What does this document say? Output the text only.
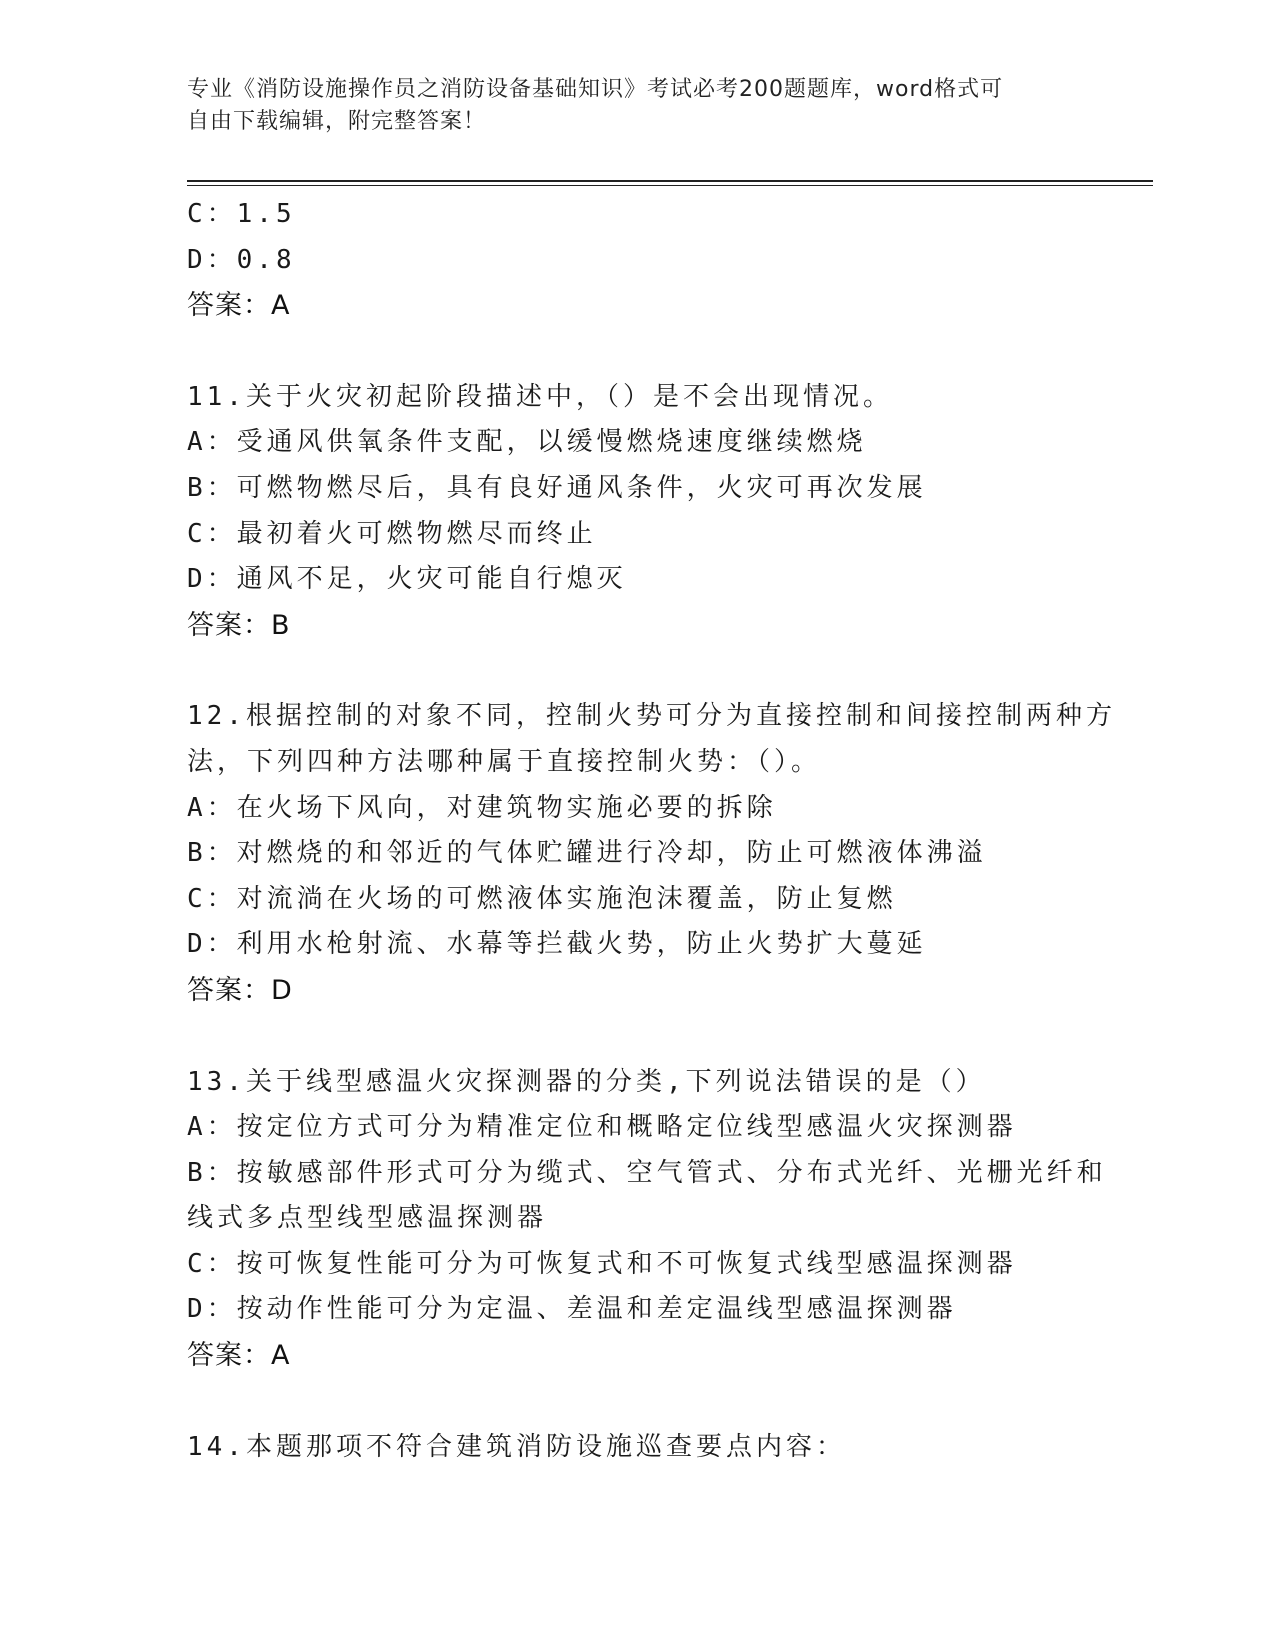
专业《消防设施操作员之消防设备基础知识》考试必考200题题库，word格式可
自由下载编辑，附完整答案！
C：1.5
D：0.8
答案：A
11.关于火灾初起阶段描述中，（）是不会出现情况。
A：受通风供氧条件支配，以缓慢燃烧速度继续燃烧
B：可燃物燃尽后，具有良好通风条件，火灾可再次发展
C：最初着火可燃物燃尽而终止
D：通风不足，火灾可能自行熄灭
答案：B
12.根据控制的对象不同，控制火势可分为直接控制和间接控制两种方
法，下列四种方法哪种属于直接控制火势：（）。
A：在火场下风向，对建筑物实施必要的拆除
B：对燃烧的和邻近的气体贮罐进行冷却，防止可燃液体沸溢
C：对流淌在火场的可燃液体实施泡沫覆盖，防止复燃
D：利用水枪射流、水幕等拦截火势，防止火势扩大蔓延
答案：D
13.关于线型感温火灾探测器的分类,下列说法错误的是（）
A：按定位方式可分为精准定位和概略定位线型感温火灾探测器
B：按敏感部件形式可分为缆式、空气管式、分布式光纤、光栅光纤和
线式多点型线型感温探测器
C：按可恢复性能可分为可恢复式和不可恢复式线型感温探测器
D：按动作性能可分为定温、差温和差定温线型感温探测器
答案：A
14.本题那项不符合建筑消防设施巡查要点内容：
